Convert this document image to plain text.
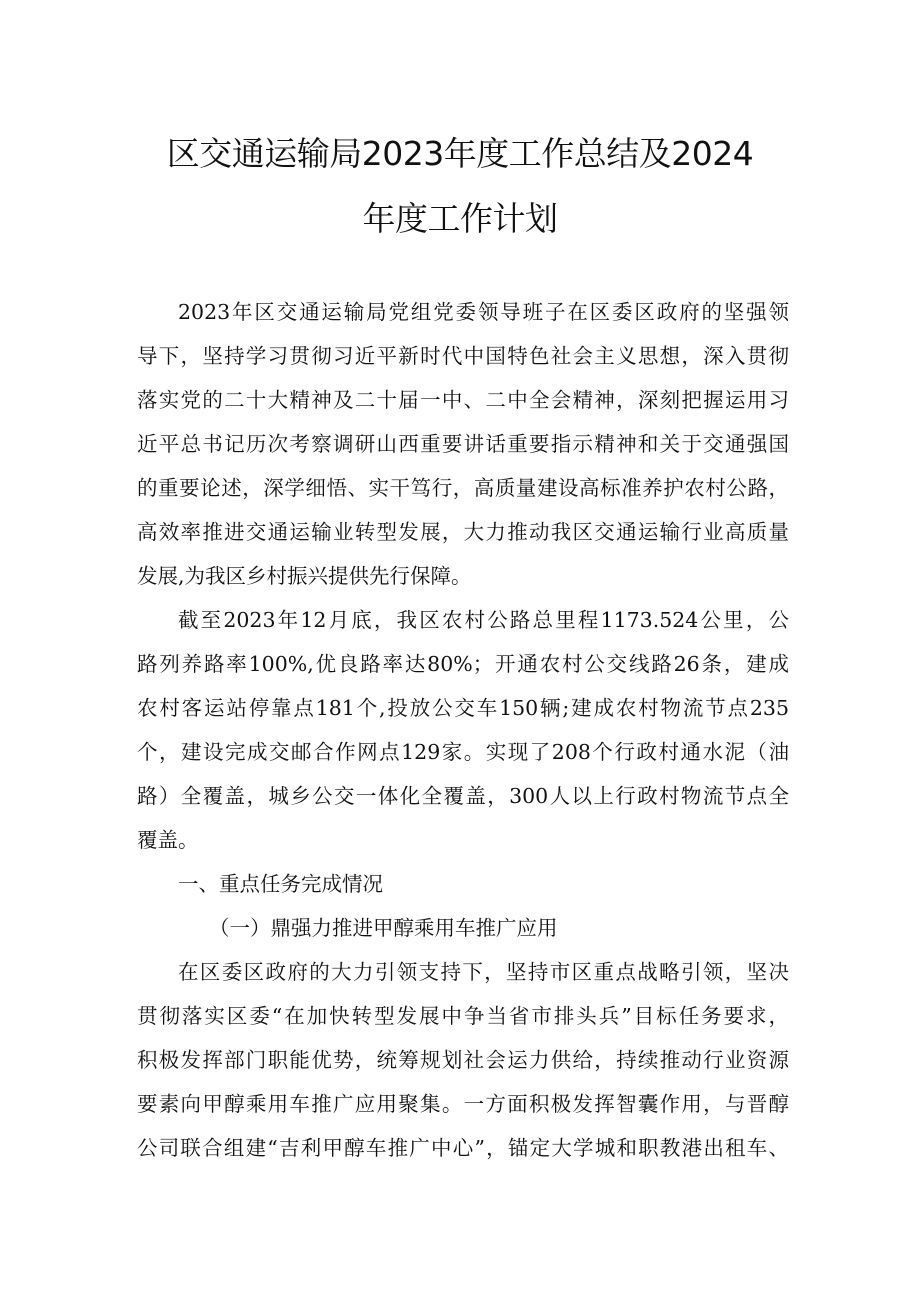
区交通运输局2023年度工作总结及2024
年度工作计划
2023年区交通运输局党组党委领导班子在区委区政府的坚强领
导下，坚持学习贯彻习近平新时代中国特色社会主义思想，深入贯彻
落实党的二十大精神及二十届一中、二中全会精神，深刻把握运用习
近平总书记历次考察调研山西重要讲话重要指示精神和关于交通强国
的重要论述，深学细悟、实干笃行，高质量建设高标准养护农村公路，
高效率推进交通运输业转型发展，大力推动我区交通运输行业高质量
发展,为我区乡村振兴提供先行保障。
截至2023年12月底，我区农村公路总里程1173.524公里，公
路列养路率100%,优良路率达80%；开通农村公交线路26条，建成
农村客运站停靠点181个,投放公交车150辆;建成农村物流节点235
个，建设完成交邮合作网点129家。实现了208个行政村通水泥（油
路）全覆盖，城乡公交一体化全覆盖，300人以上行政村物流节点全
覆盖。
一、重点任务完成情况
（一）鼎强力推进甲醇乘用车推广应用
在区委区政府的大力引领支持下，坚持市区重点战略引领，坚决
贯彻落实区委“在加快转型发展中争当省市排头兵”目标任务要求，
积极发挥部门职能优势，统筹规划社会运力供给，持续推动行业资源
要素向甲醇乘用车推广应用聚集。一方面积极发挥智囊作用，与晋醇
公司联合组建“吉利甲醇车推广中心”，锚定大学城和职教港出租车、
